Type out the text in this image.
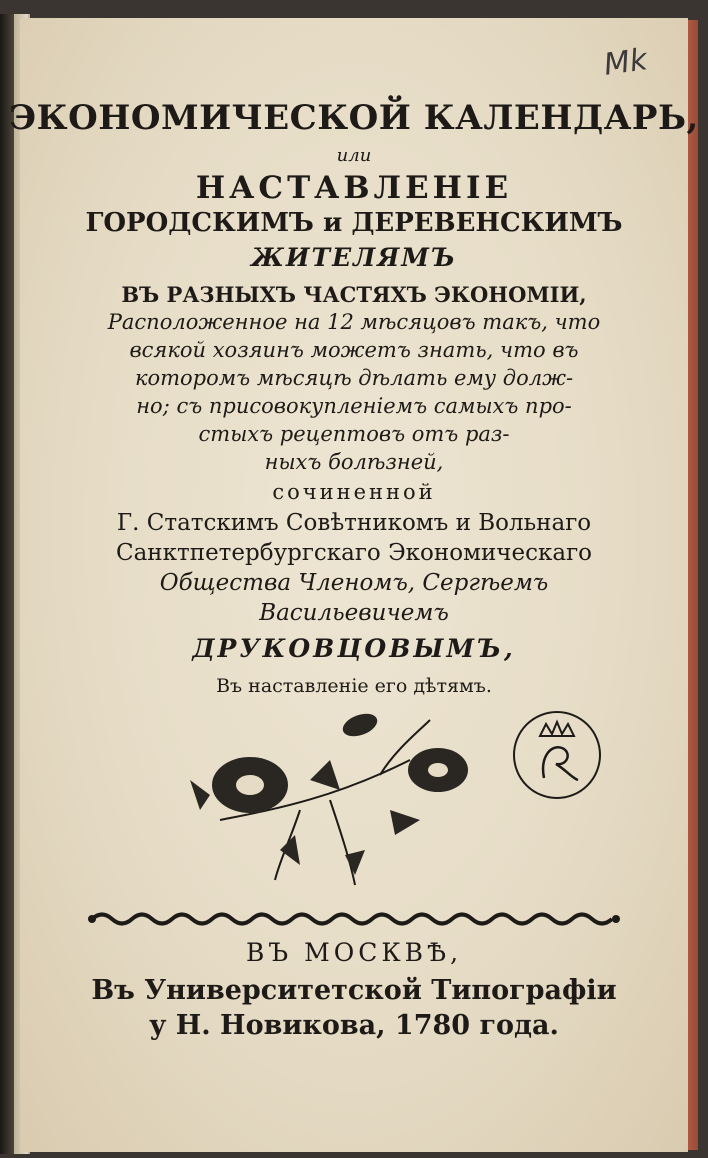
Mk
ЭКОНОМИЧЕСКОЙ КАЛЕНДАРЬ,
или
НАСТАВЛЕНIЕ
ГОРОДСКИМЪ и ДЕРЕВЕНСКИМЪ
ЖИТЕЛЯМЪ
ВЪ РАЗНЫХЪ ЧАСТЯХЪ ЭКОНОМIИ,
Расположенное на 12 мѣсяцовъ такъ, что
всякой хозяинъ можетъ знать, что въ
которомъ мѣсяцѣ дѣлать ему долж-
но; съ присовокупленiемъ самыхъ про-
стыхъ рецептовъ отъ раз-
ныхъ болѣзней,
сочиненной
Г. Статскимъ Совѣтникомъ и Вольнаго
Санктпетербургскаго Экономическаго
Общества Членомъ, Сергѣемъ
Васильевичемъ
ДРУКОВЦОВЫМЪ,
Въ наставленiе его дѣтямъ.
ВЪ МОСКВѢ,
Въ Университетской Типографiи
у Н. Новикова, 1780 года.
